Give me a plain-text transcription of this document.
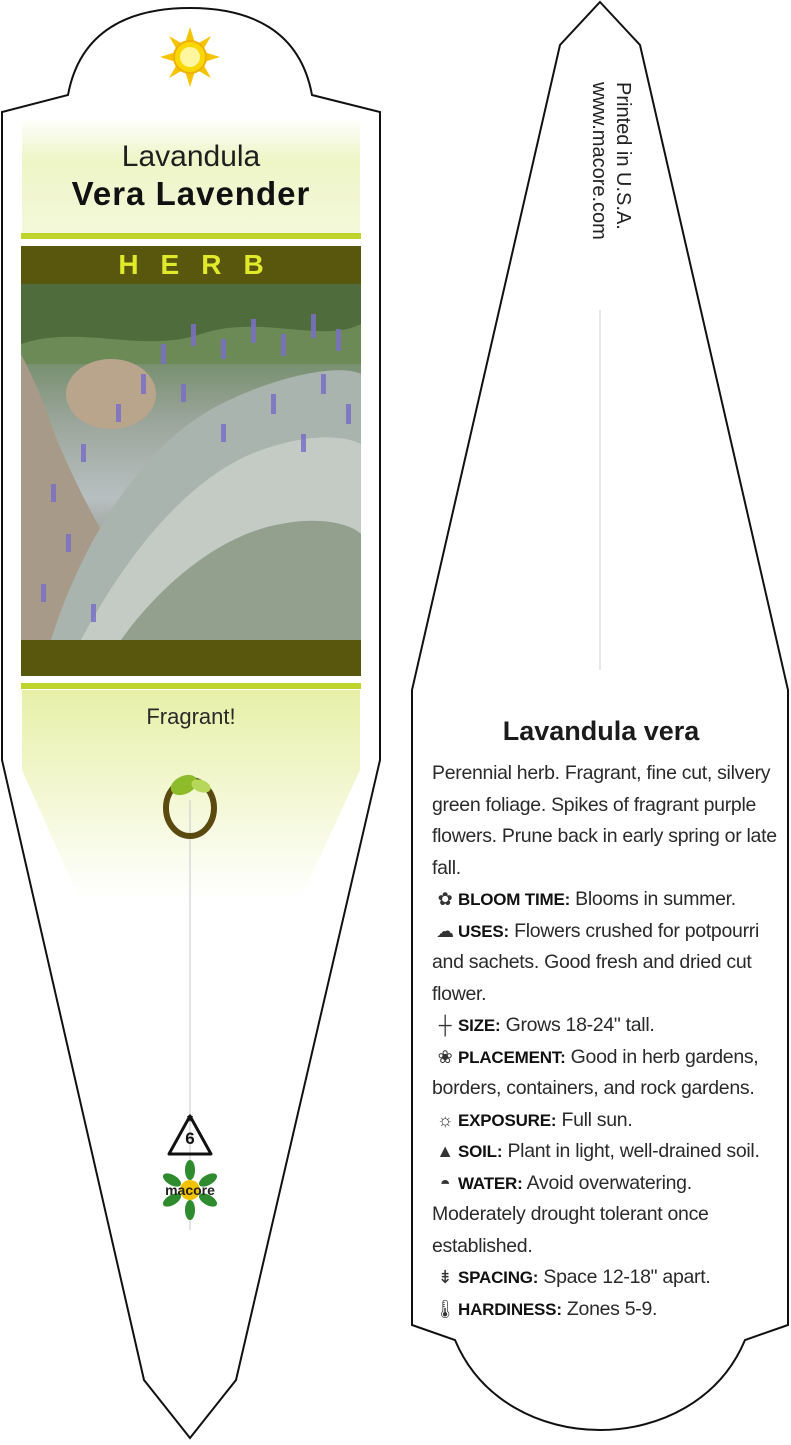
Lavandula
Vera Lavender
HERB
Fragrant!
6
macore
Printed in U.S.A.
www.macore.com
Lavandula vera

Perennial herb. Fragrant, fine cut, silvery green foliage. Spikes of fragrant purple flowers. Prune back in early spring or late fall.

✿ BLOOM TIME: Blooms in summer.

☁ USES: Flowers crushed for potpourri and sachets. Good fresh and dried cut flower.

┼ SIZE: Grows 18-24" tall.

❀ PLACEMENT: Good in herb gardens, borders, containers, and rock gardens.

☼ EXPOSURE: Full sun.

▲ SOIL: Plant in light, well-drained soil.

◓ WATER: Avoid overwatering. Moderately drought tolerant once established.

⇟ SPACING: Space 12-18" apart.

🌡 HARDINESS: Zones 5-9.
